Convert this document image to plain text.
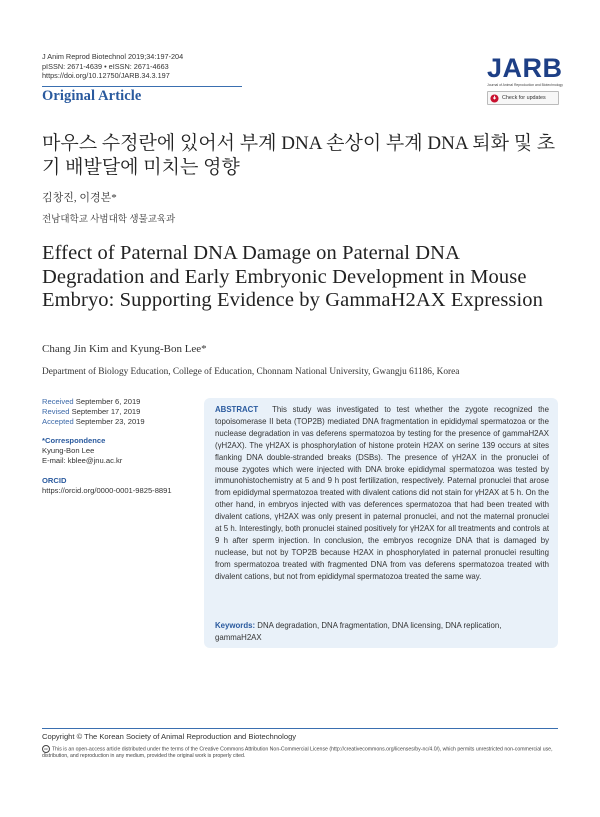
J Anim Reprod Biotechnol 2019;34:197-204
pISSN: 2671-4639 • eISSN: 2671-4663
https://doi.org/10.12750/JARB.34.3.197
Original Article
JARB
Journal of Animal Reproduction and Biotechnology
Check for updates
마우스 수정란에 있어서 부계 DNA 손상이 부계 DNA 퇴화 및 초기 배발달에 미치는 영향
김창진, 이경본*
전남대학교 사범대학 생물교육과
Effect of Paternal DNA Damage on Paternal DNA Degradation and Early Embryonic Development in Mouse Embryo: Supporting Evidence by GammaH2AX Expression
Chang Jin Kim and Kyung-Bon Lee*
Department of Biology Education, College of Education, Chonnam National University, Gwangju 61186, Korea
Received September 6, 2019
Revised September 17, 2019
Accepted September 23, 2019
*Correspondence
Kyung-Bon Lee
E-mail: kblee@jnu.ac.kr
ORCID
https://orcid.org/0000-0001-9825-8891
ABSTRACT This study was investigated to test whether the zygote recognized the topoisomerase II beta (TOP2B) mediated DNA fragmentation in epididymal spermatozoa or the nuclease degradation in vas deferens spermatozoa by testing for the presence of gammaH2AX (γH2AX). The γH2AX is phosphorylation of histone protein H2AX on serine 139 occurs at sites flanking DNA double-stranded breaks (DSBs). The presence of γH2AX in the pronuclei of mouse zygotes which were injected with DNA broke epididymal spermatozoa was tested by immunohistochemistry at 5 and 9 h post fertilization, respectively. Paternal pronuclei that arose from epididymal spermatozoa treated with divalent cations did not stain for γH2AX at 5 h. On the other hand, in embryos injected with vas deferences spermatozoa that had been treated with divalent cations, γH2AX was only present in paternal pronuclei, and not the maternal pronuclei at 5 h. Interestingly, both pronuclei stained positively for γH2AX for all treatments and controls at 9 h after sperm injection. In conclusion, the embryos recognize DNA that is damaged by nuclease, but not by TOP2B because H2AX in phosphorylated in paternal pronuclei resulting from spermatozoa treated with fragmented DNA from vas deferens spermatozoa treated with divalent cations, but not from epididymal spermatozoa treated the same way.
Keywords: DNA degradation, DNA fragmentation, DNA licensing, DNA replication, gammaH2AX
Copyright © The Korean Society of Animal Reproduction and Biotechnology
cc This is an open-access article distributed under the terms of the Creative Commons Attribution Non-Commercial License (http://creativecommons.org/licenses/by-nc/4.0/), which permits unrestricted non-commercial use, distribution, and reproduction in any medium, provided the original work is properly cited.
